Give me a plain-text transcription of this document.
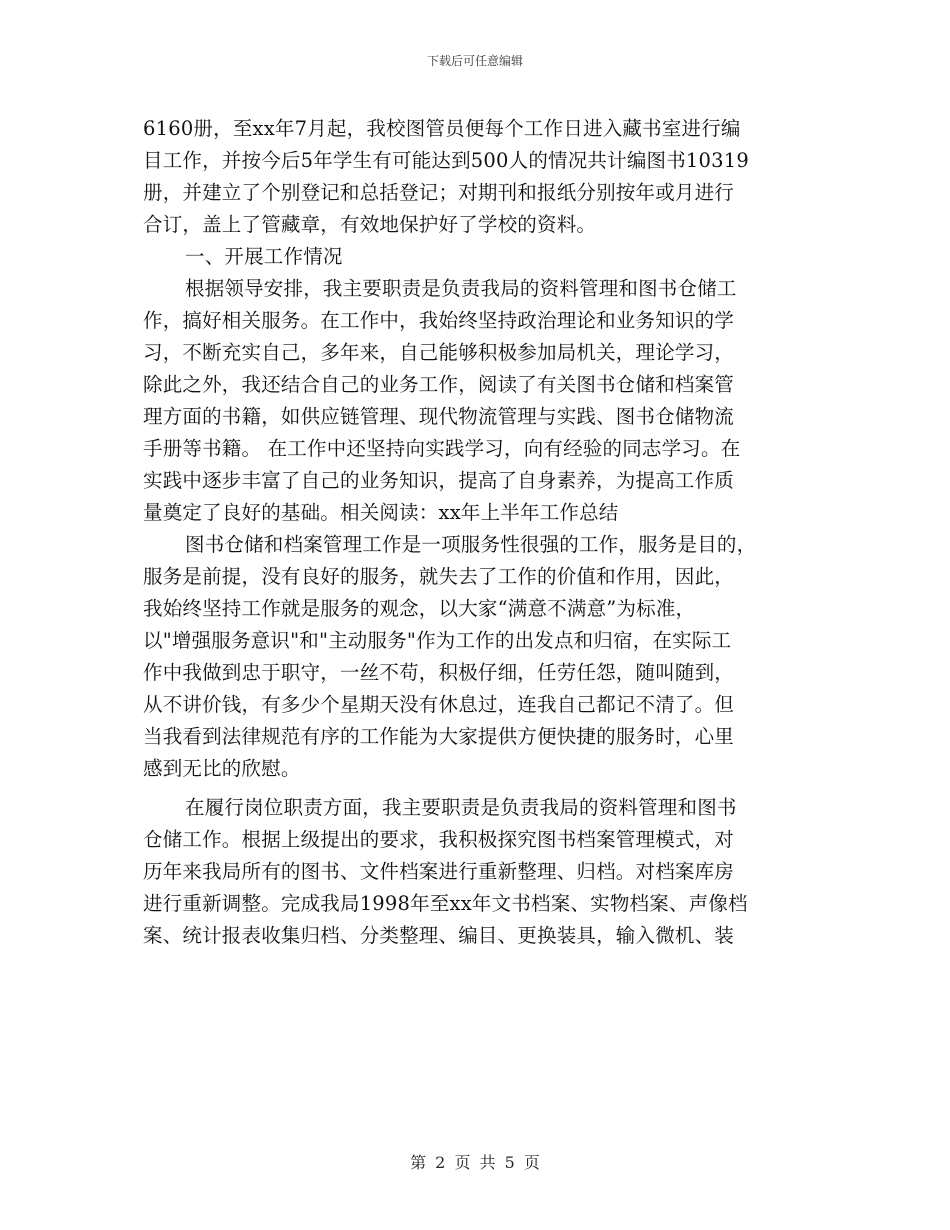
下载后可任意编辑
6160册，至xx年7月起，我校图管员便每个工作日进入藏书室进行编
目工作，并按今后5年学生有可能达到500人的情况共计编图书10319
册，并建立了个别登记和总括登记；对期刊和报纸分别按年或月进行
合订，盖上了管藏章，有效地保护好了学校的资料。
一、开展工作情况
根据领导安排，我主要职责是负责我局的资料管理和图书仓储工
作，搞好相关服务。在工作中，我始终坚持政治理论和业务知识的学
习，不断充实自己，多年来，自己能够积极参加局机关，理论学习，
除此之外，我还结合自己的业务工作，阅读了有关图书仓储和档案管
理方面的书籍，如供应链管理、现代物流管理与实践、图书仓储物流
手册等书籍。 在工作中还坚持向实践学习，向有经验的同志学习。在
实践中逐步丰富了自己的业务知识，提高了自身素养，为提高工作质
量奠定了良好的基础。相关阅读：xx年上半年工作总结
图书仓储和档案管理工作是一项服务性很强的工作，服务是目的，
服务是前提，没有良好的服务，就失去了工作的价值和作用，因此，
我始终坚持工作就是服务的观念，以大家“满意不满意”为标准，
以"增强服务意识"和"主动服务"作为工作的出发点和归宿，在实际工
作中我做到忠于职守，一丝不苟，积极仔细，任劳任怨，随叫随到，
从不讲价钱，有多少个星期天没有休息过，连我自己都记不清了。但
当我看到法律规范有序的工作能为大家提供方便快捷的服务时，心里
感到无比的欣慰。
在履行岗位职责方面，我主要职责是负责我局的资料管理和图书
仓储工作。根据上级提出的要求，我积极探究图书档案管理模式，对
历年来我局所有的图书、文件档案进行重新整理、归档。对档案库房
进行重新调整。完成我局1998年至xx年文书档案、实物档案、声像档
案、统计报表收集归档、分类整理、编目、更换装具，输入微机、装
第 2 页 共 5 页
